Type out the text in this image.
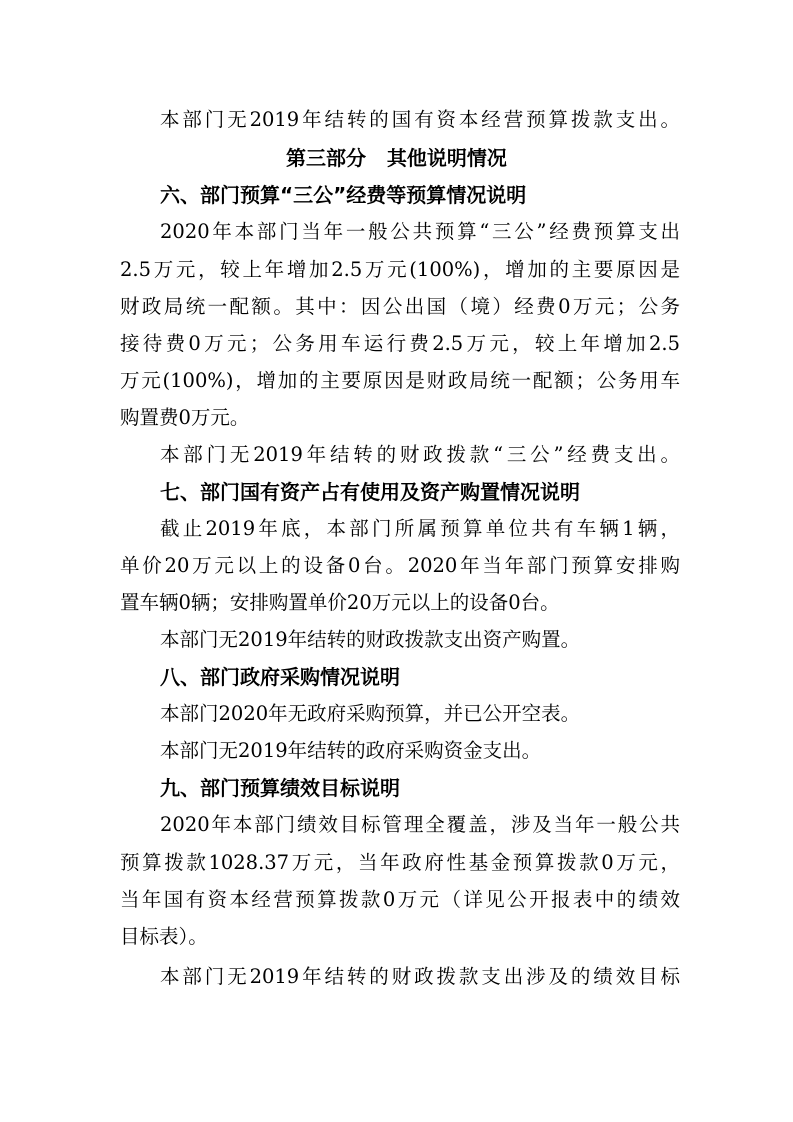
本部门无2019年结转的国有资本经营预算拨款支出。
第三部分   其他说明情况
六、部门预算“三公”经费等预算情况说明
2020年本部门当年一般公共预算“三公”经费预算支出
2.5万元，较上年增加2.5万元(100%)，增加的主要原因是
财政局统一配额。其中：因公出国（境）经费0万元；公务
接待费0万元；公务用车运行费2.5万元，较上年增加2.5
万元(100%)，增加的主要原因是财政局统一配额；公务用车
购置费0万元。
本部门无2019年结转的财政拨款“三公”经费支出。
七、部门国有资产占有使用及资产购置情况说明
截止2019年底，本部门所属预算单位共有车辆1辆，
单价20万元以上的设备0台。2020年当年部门预算安排购
置车辆0辆；安排购置单价20万元以上的设备0台。
本部门无2019年结转的财政拨款支出资产购置。
八、部门政府采购情况说明
本部门2020年无政府采购预算，并已公开空表。
本部门无2019年结转的政府采购资金支出。
九、部门预算绩效目标说明
2020年本部门绩效目标管理全覆盖，涉及当年一般公共
预算拨款1028.37万元，当年政府性基金预算拨款0万元，
当年国有资本经营预算拨款0万元（详见公开报表中的绩效
目标表）。
本部门无2019年结转的财政拨款支出涉及的绩效目标
